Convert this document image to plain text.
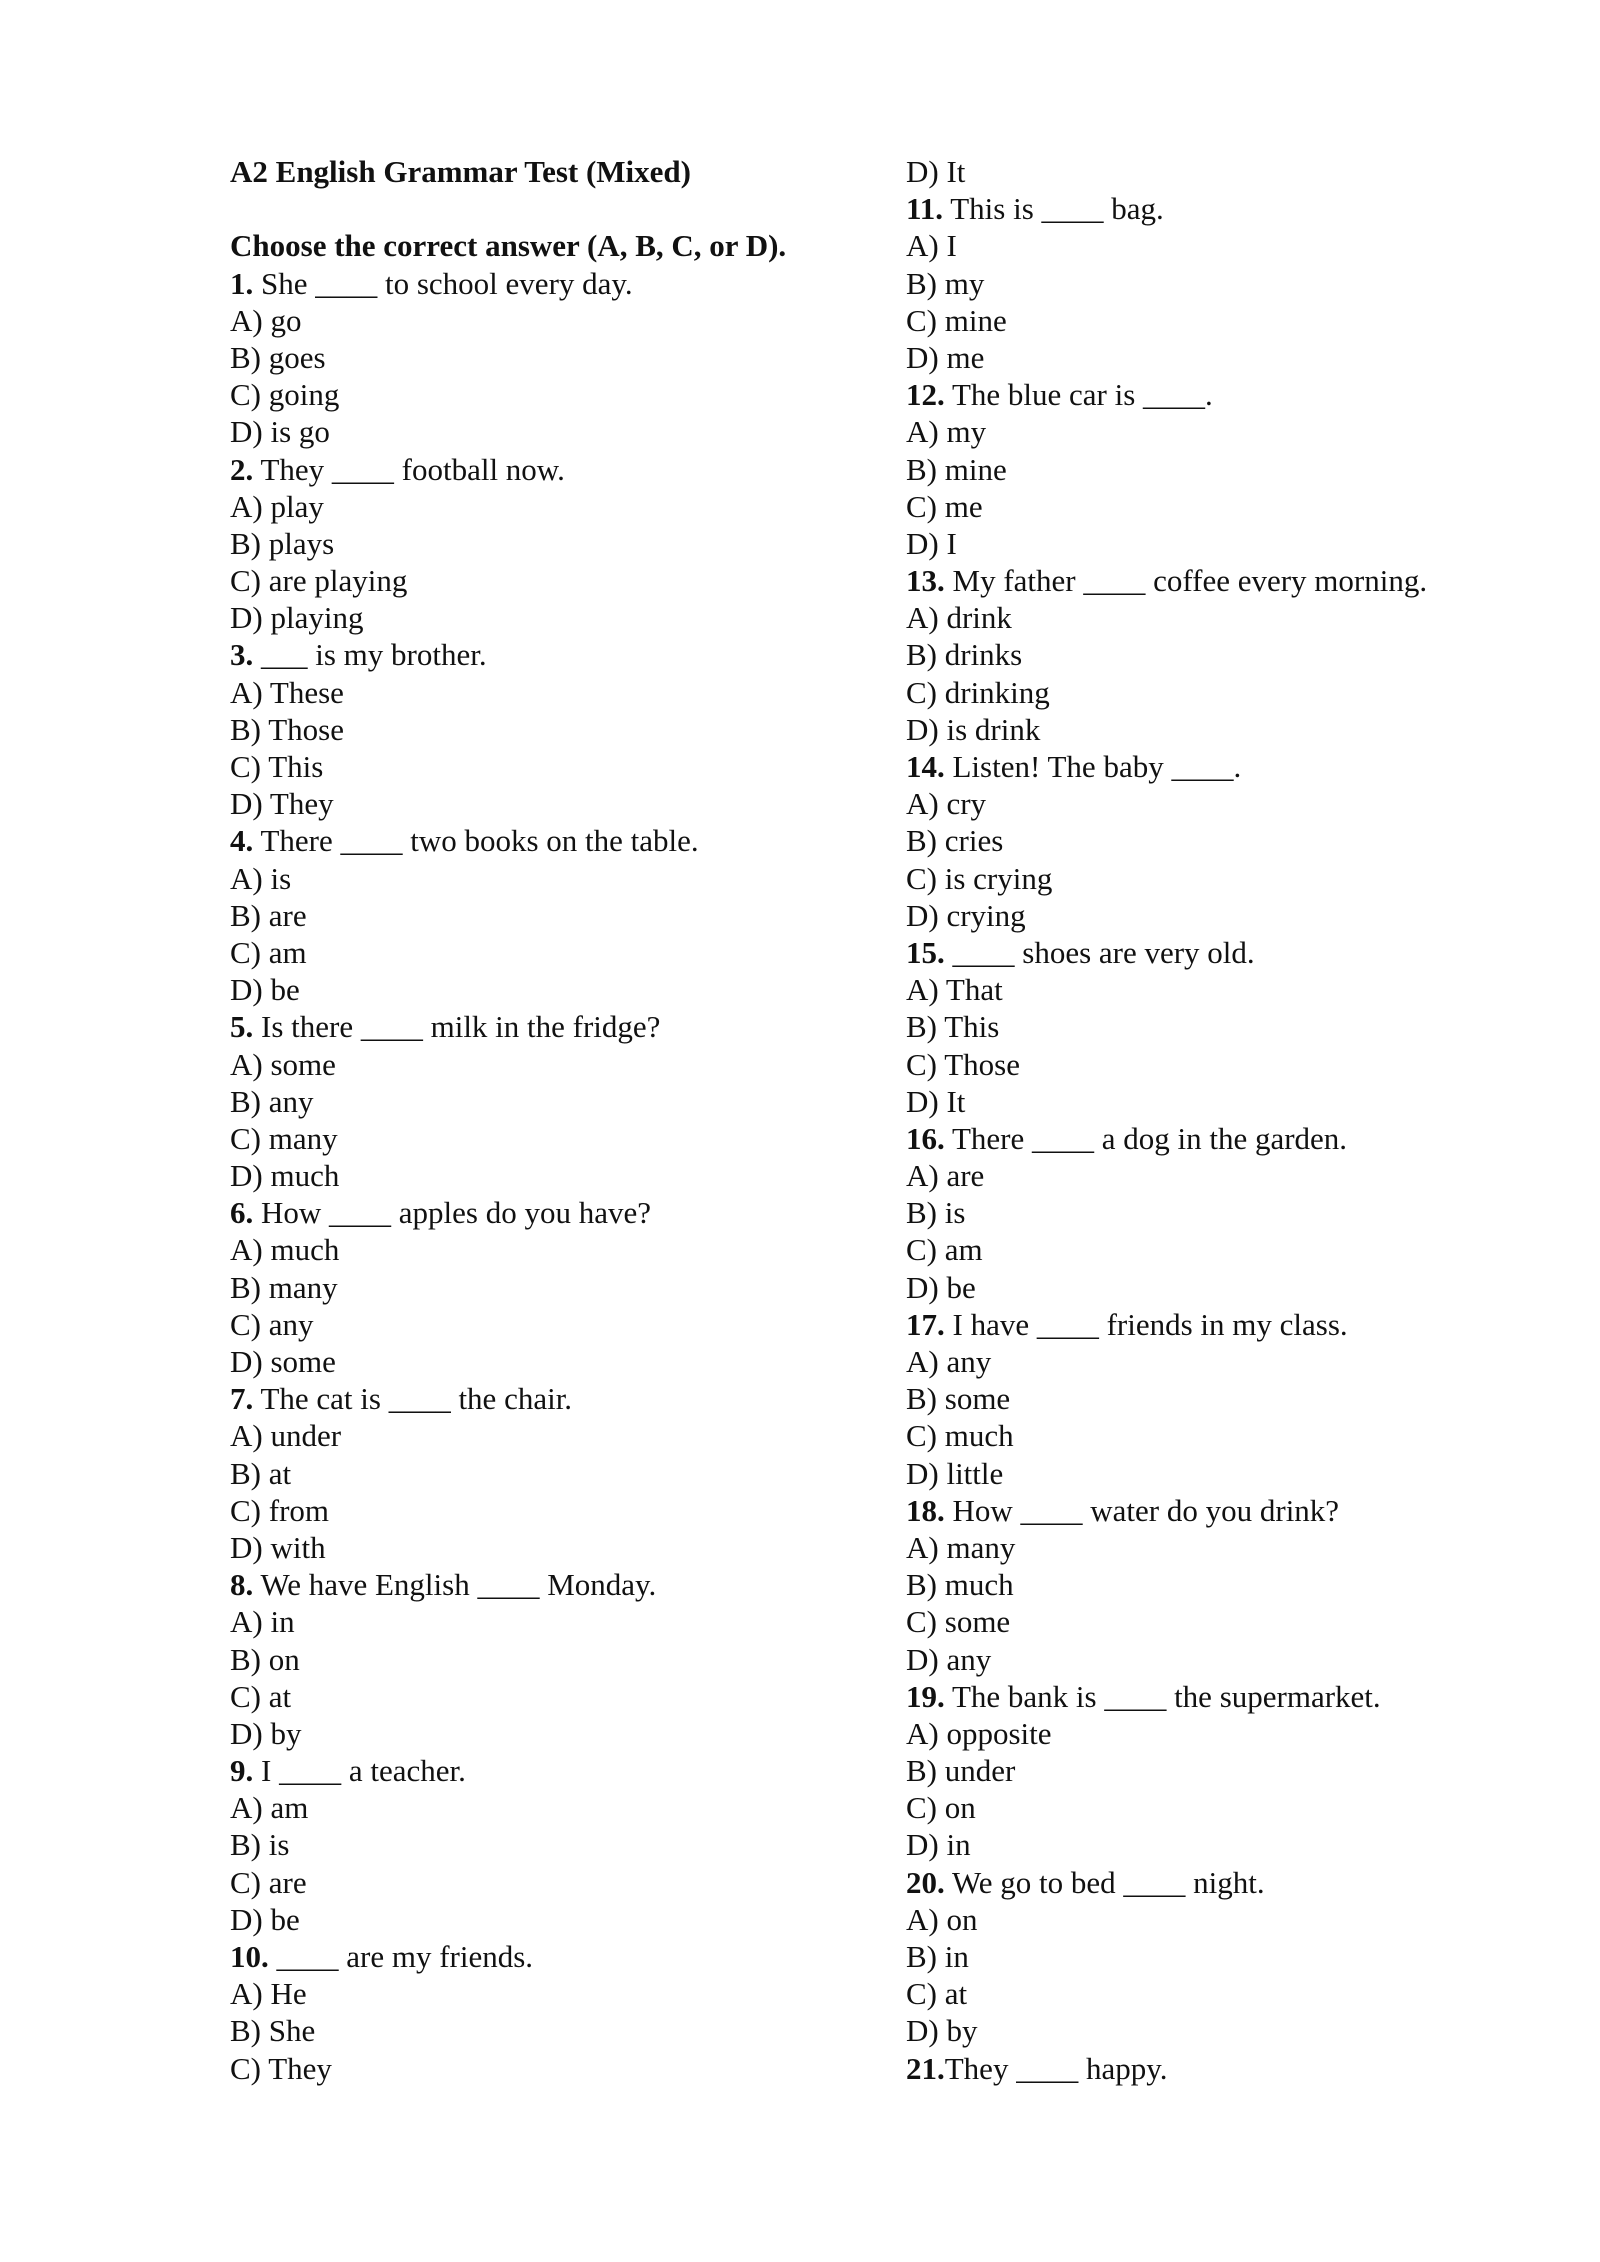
A2 English Grammar Test (Mixed)
Choose the correct answer (A, B, C, or D).
1. She ____ to school every day.
A) go
B) goes
C) going
D) is go
2. They ____ football now.
A) play
B) plays
C) are playing
D) playing
3. ___ is my brother.
A) These
B) Those
C) This
D) They
4. There ____ two books on the table.
A) is
B) are
C) am
D) be
5. Is there ____ milk in the fridge?
A) some
B) any
C) many
D) much
6. How ____ apples do you have?
A) much
B) many
C) any
D) some
7. The cat is ____ the chair.
A) under
B) at
C) from
D) with
8. We have English ____ Monday.
A) in
B) on
C) at
D) by
9. I ____ a teacher.
A) am
B) is
C) are
D) be
10. ____ are my friends.
A) He
B) She
C) They
D) It
11. This is ____ bag.
A) I
B) my
C) mine
D) me
12. The blue car is ____.
A) my
B) mine
C) me
D) I
13. My father ____ coffee every morning.
A) drink
B) drinks
C) drinking
D) is drink
14. Listen! The baby ____.
A) cry
B) cries
C) is crying
D) crying
15. ____ shoes are very old.
A) That
B) This
C) Those
D) It
16. There ____ a dog in the garden.
A) are
B) is
C) am
D) be
17. I have ____ friends in my class.
A) any
B) some
C) much
D) little
18. How ____ water do you drink?
A) many
B) much
C) some
D) any
19. The bank is ____ the supermarket.
A) opposite
B) under
C) on
D) in
20. We go to bed ____ night.
A) on
B) in
C) at
D) by
21.They ____ happy.
